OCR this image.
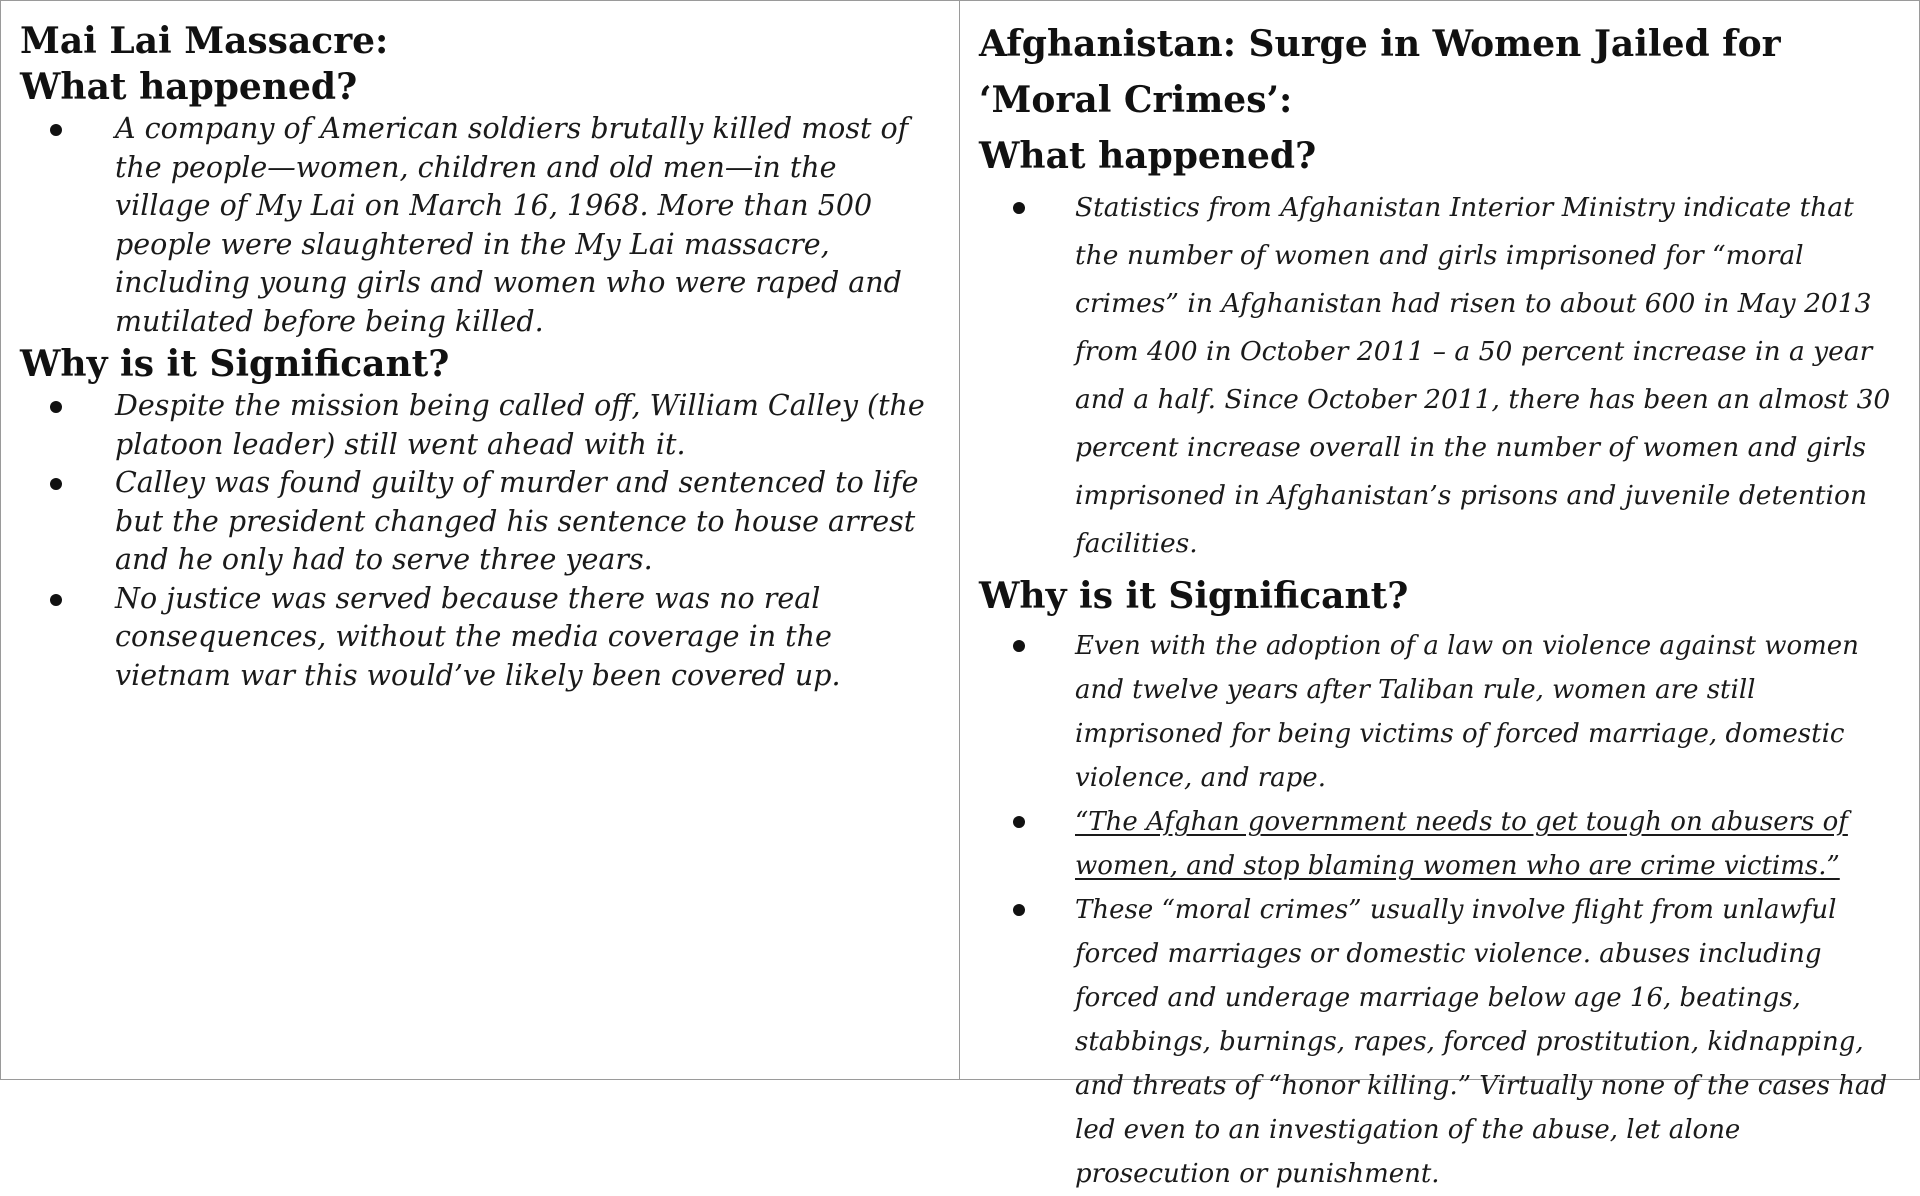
Mai Lai Massacre:
What happened?
A company of American soldiers brutally killed most of the people—women, children and old men—in the village of My Lai on March 16, 1968. More than 500 people were slaughtered in the My Lai massacre, including young girls and women who were raped and mutilated before being killed.
Why is it Significant?
Despite the mission being called off, William Calley (the platoon leader) still went ahead with it.
Calley was found guilty of murder and sentenced to life but the president changed his sentence to house arrest and he only had to serve three years.
No justice was served because there was no real consequences, without the media coverage in the vietnam war this would’ve likely been covered up.
Afghanistan: Surge in Women Jailed for ‘Moral Crimes’:
What happened?
Statistics from Afghanistan Interior Ministry indicate that the number of women and girls imprisoned for “moral crimes” in Afghanistan had risen to about 600 in May 2013 from 400 in October 2011 – a 50 percent increase in a year and a half. Since October 2011, there has been an almost 30 percent increase overall in the number of women and girls imprisoned in Afghanistan’s prisons and juvenile detention facilities.
Why is it Significant?
Even with the adoption of a law on violence against women and twelve years after Taliban rule, women are still imprisoned for being victims of forced marriage, domestic violence, and rape.
“The Afghan government needs to get tough on abusers of women, and stop blaming women who are crime victims.”
These “moral crimes” usually involve flight from unlawful forced marriages or domestic violence. abuses including forced and underage marriage below age 16, beatings, stabbings, burnings, rapes, forced prostitution, kidnapping, and threats of “honor killing.” Virtually none of the cases had led even to an investigation of the abuse, let alone prosecution or punishment.
